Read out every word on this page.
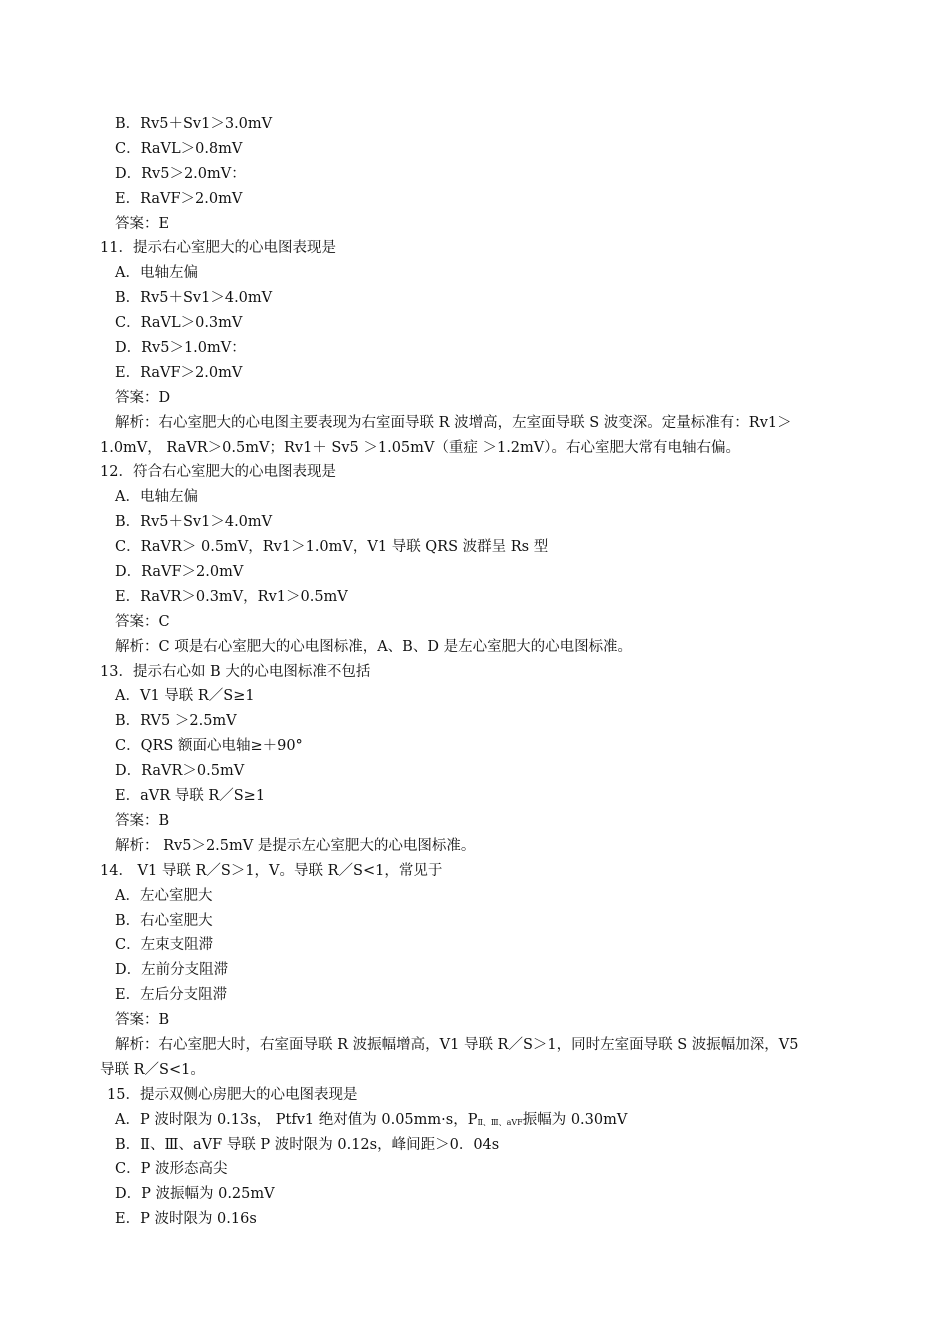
B．Rv5＋Sv1＞3.0mV
C．RaVL＞0.8mV
D．Rv5＞2.0mV：
E．RaVF＞2.0mV
答案：E
11．提示右心室肥大的心电图表现是
A．电轴左偏
B．Rv5＋Sv1＞4.0mV
C．RaVL＞0.3mV
D．Rv5＞1.0mV：
E．RaVF＞2.0mV
答案：D
解析：右心室肥大的心电图主要表现为右室面导联 R 波增高，左室面导联 S 波变深。定量标准有：Rv1＞
1.0mV， RaVR＞0.5mV；Rv1＋ Sv5 ＞1.05mV（重症 ＞1.2mV）。右心室肥大常有电轴右偏。
12．符合右心室肥大的心电图表现是
A．电轴左偏
B．Rv5＋Sv1＞4.0mV
C．RaVR＞ 0.5mV，Rv1＞1.0mV，V1 导联 QRS 波群呈 Rs 型
D．RaVF＞2.0mV
E．RaVR＞0.3mV，Rv1＞0.5mV
答案：C
解析：C 项是右心室肥大的心电图标准，A、B、D 是左心室肥大的心电图标准。
13．提示右心如 B 大的心电图标准不包括
A．V1 导联 R／S≥1
B．RV5 ＞2.5mV
C．QRS 额面心电轴≥＋90°
D．RaVR＞0.5mV
E．aVR 导联 R／S≥1
答案：B
解析： Rv5＞2.5mV 是提示左心室肥大的心电图标准。
14． V1 导联 R／S＞1，V。导联 R／S<1，常见于
A．左心室肥大
B．右心室肥大
C．左束支阻滞
D．左前分支阻滞
E．左后分支阻滞
答案：B
解析：右心室肥大时，右室面导联 R 波振幅增高，V1 导联 R／S＞1，同时左室面导联 S 波振幅加深，V5
导联 R／S<1。
15．提示双侧心房肥大的心电图表现是
A．P 波时限为 0.13s， Ptfv1 绝对值为 0.05mm·s，PⅡ、Ⅲ、aVF振幅为 0.30mV
B．Ⅱ、Ⅲ、aVF 导联 P 波时限为 0.12s，峰间距＞0．04s
C．P 波形态高尖
D．P 波振幅为 0.25mV
E．P 波时限为 0.16s
